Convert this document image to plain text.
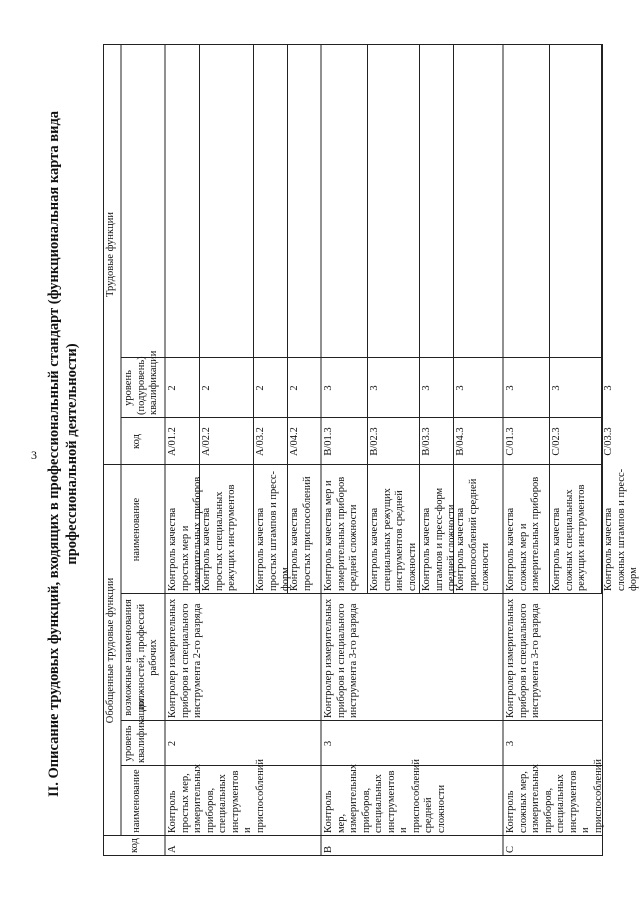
3 II. Описание трудовых функций, входящих в профессиональный стандарт (функциональная карта вида профессиональной деятельности)
код
Обобщенные трудовые функции
Трудовые функции
наименование
уровень квалификации
возможные наименования должностей, профессий рабочих
наименование
код
уровень (подуровень) квалификации
A
Контроль простых мер, измерительных приборов, специальных инструментов и приспособлений
2
Контролер измерительных приборов и специального инструмента 2-го разряда
Контроль качества простых мер и измерительных приборов
A/01.2
2
Контроль качества простых специальных режущих инструментов
A/02.2
2
Контроль качества простых штампов и пресс-форм
A/03.2
2
Контроль качества простых приспособлений
A/04.2
2
B
Контроль мер, измерительных приборов, специальных инструментов и приспособлений средней сложности
3
Контролер измерительных приборов и специального инструмента 3-го разряда
Контроль качества мер и измерительных приборов средней сложности
B/01.3
3
Контроль качества специальных режущих инструментов средней сложности
B/02.3
3
Контроль качества штампов и пресс-форм средней сложности
B/03.3
3
Контроль качества приспособлений средней сложности
B/04.3
3
C
Контроль сложных мер, измерительных приборов, специальных инструментов и приспособлений
3
Контролер измерительных приборов и специального инструмента 3-го разряда
Контроль качества сложных мер и измерительных приборов
C/01.3
3
Контроль качества сложных специальных режущих инструментов
C/02.3
3
Контроль качества сложных штампов и пресс-форм
C/03.3
3
